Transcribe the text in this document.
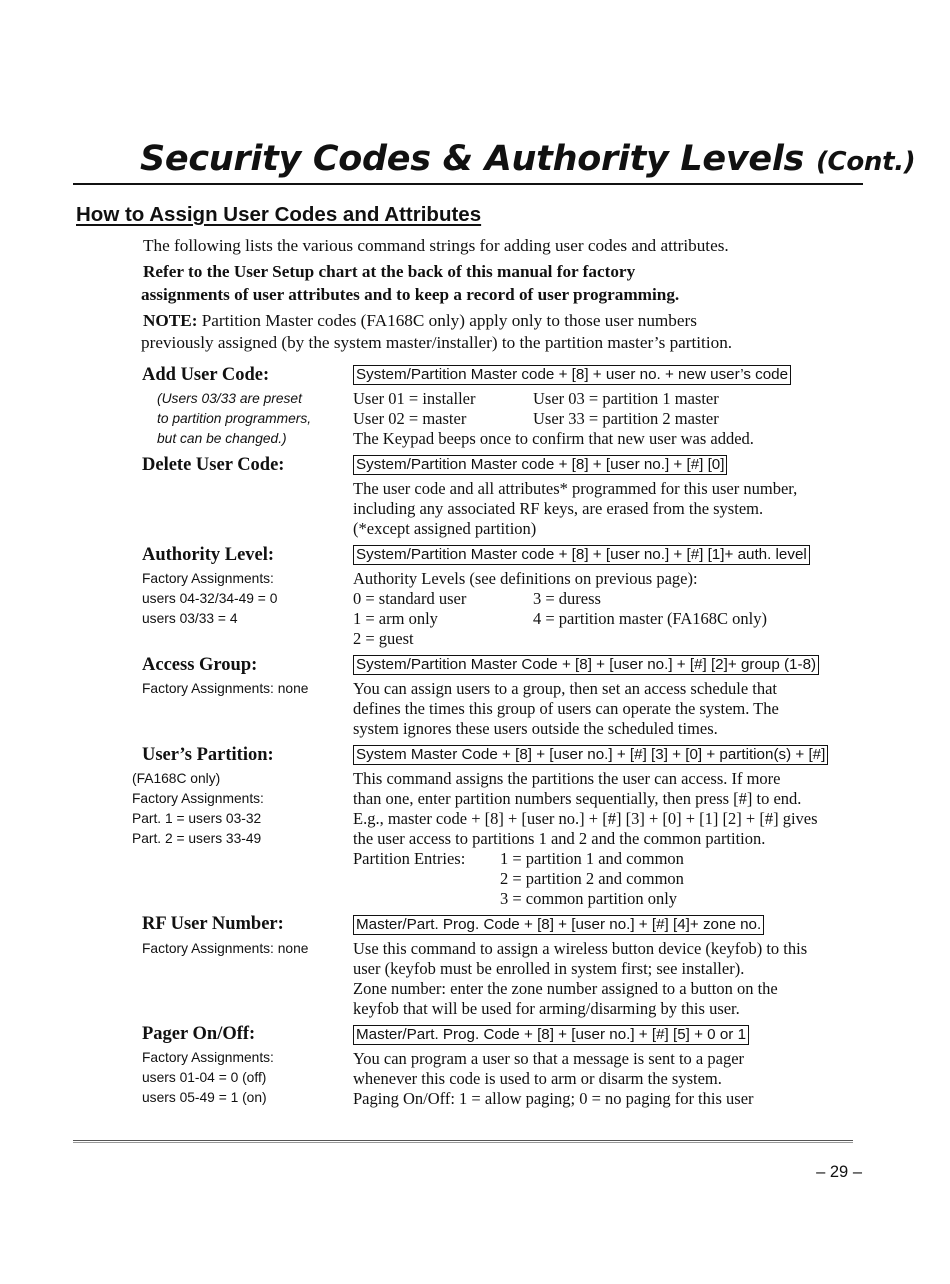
Security Codes & Authority Levels (Cont.)
How to Assign User Codes and Attributes
The following lists the various command strings for adding user codes and attributes.
Refer to the User Setup chart at the back of this manual for factory
assignments of user attributes and to keep a record of user programming.
NOTE: Partition Master codes (FA168C only) apply only to those user numbers
previously assigned (by the system master/installer) to the partition master’s partition.
Add User Code:	System/Partition Master code + [8] + user no. + new user’s code
(Users 03/33 are preset
to partition programmers,
but can be changed.)
User 01 = installer	User 03 = partition 1 master
User 02 = master	User 33 = partition 2 master
The Keypad beeps once to confirm that new user was added.
Delete User Code:	System/Partition Master code + [8] + [user no.] + [#] [0]
The user code and all attributes* programmed for this user number,
including any associated RF keys, are erased from the system.
(*except assigned partition)
Authority Level:	System/Partition Master code + [8] + [user no.] + [#] [1]+ auth. level
Factory Assignments:
users 04-32/34-49 = 0
users 03/33 = 4
Authority Levels (see definitions on previous page):
0 = standard user	3 = duress
1 = arm only	4 = partition master (FA168C only)
2 = guest
Access Group:	System/Partition Master Code + [8] + [user no.] + [#] [2]+ group (1-8)
Factory Assignments: none	You can assign users to a group, then set an access schedule that
defines the times this group of users can operate the system. The
system ignores these users outside the scheduled times.
User’s Partition:	System Master Code + [8] + [user no.] + [#] [3] + [0] + partition(s) + [#]
(FA168C only)
Factory Assignments:
Part. 1 = users 03-32
Part. 2 = users 33-49
This command assigns the partitions the user can access. If more
than one, enter partition numbers sequentially, then press [#] to end.
E.g., master code + [8] + [user no.] + [#] [3] + [0] + [1] [2] + [#] gives
the user access to partitions 1 and 2 and the common partition.
Partition Entries: 1 = partition 1 and common
2 = partition 2 and common
3 = common partition only
RF User Number:	Master/Part. Prog. Code + [8] + [user no.] + [#] [4]+ zone no.
Factory Assignments: none	Use this command to assign a wireless button device (keyfob) to this
user (keyfob must be enrolled in system first; see installer).
Zone number: enter the zone number assigned to a button on the
keyfob that will be used for arming/disarming by this user.
Pager On/Off:	Master/Part. Prog. Code + [8] + [user no.] + [#] [5] + 0 or 1
Factory Assignments:
users 01-04 = 0 (off)
users 05-49 = 1 (on)
You can program a user so that a message is sent to a pager
whenever this code is used to arm or disarm the system.
Paging On/Off: 1 = allow paging; 0 = no paging for this user
– 29 –
